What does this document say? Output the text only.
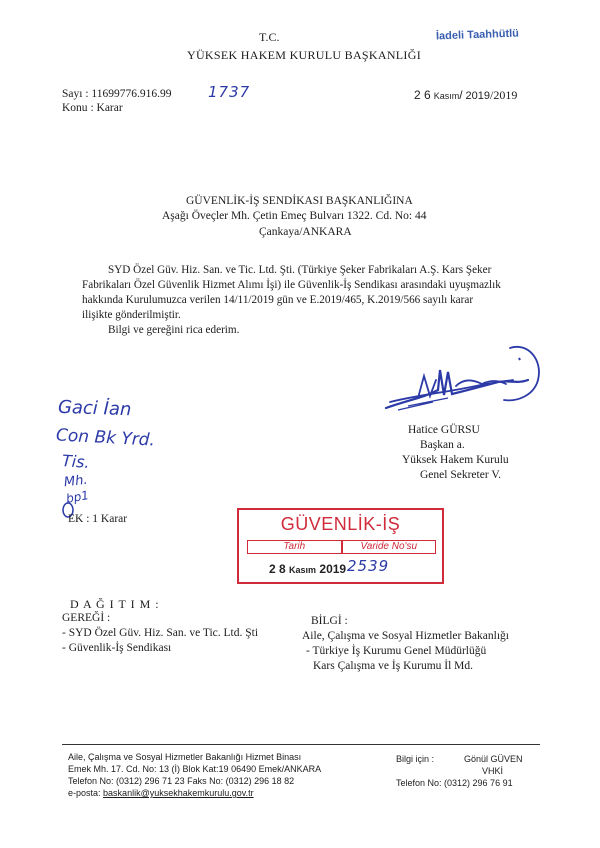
T.C.
YÜKSEK HAKEM KURULU BAŞKANLIĞI
İadeli Taahhütlü
Sayı : 11699776.916.99 1737
Konu : Karar
2 6 Kasım/ 2019/2019
GÜVENLİK-İŞ SENDİKASI BAŞKANLIĞINA
Aşağı Öveçler Mh. Çetin Emeç Bulvarı 1322. Cd. No: 44
Çankaya/ANKARA
SYD Özel Güv. Hiz. San. ve Tic. Ltd. Şti. (Türkiye Şeker Fabrikaları A.Ş. Kars Şeker
Fabrikaları Özel Güvenlik Hizmet Alımı İşi) ile Güvenlik-İş Sendikası arasındaki uyuşmazlık
hakkında Kurulumuzca verilen 14/11/2019 gün ve E.2019/465, K.2019/566 sayılı karar
ilişikte gönderilmiştir.
Bilgi ve gereğini rica ederim.
Hatice GÜRSU
Başkan a.
Yüksek Hakem Kurulu
Genel Sekreter V.
Gaci İan
Con Bk Yrd.
Tis.
Mh.
bp1
EK : 1 Karar	GÜVENLİK-İŞ
Tarih	Varide No'su
2 8 Kasım 2019 2539
D A Ğ I T I M :
GEREĞİ :
- SYD Özel Güv. Hiz. San. ve Tic. Ltd. Şti
- Güvenlik-İş Sendikası
BİLGİ :
Aile, Çalışma ve Sosyal Hizmetler Bakanlığı
- Türkiye İş Kurumu Genel Müdürlüğü
Kars Çalışma ve İş Kurumu İl Md.
Aile, Çalışma ve Sosyal Hizmetler Bakanlığı Hizmet Binası
Emek Mh. 17. Cd. No: 13 (İ) Blok Kat:19 06490 Emek/ANKARA
Telefon No: (0312) 296 71 23 Faks No: (0312) 296 18 82
e-posta: baskanlik@yuksekhakemkurulu.gov.tr
Bilgi için :	Gönül GÜVEN
VHKİ
Telefon No: (0312) 296 76 91
